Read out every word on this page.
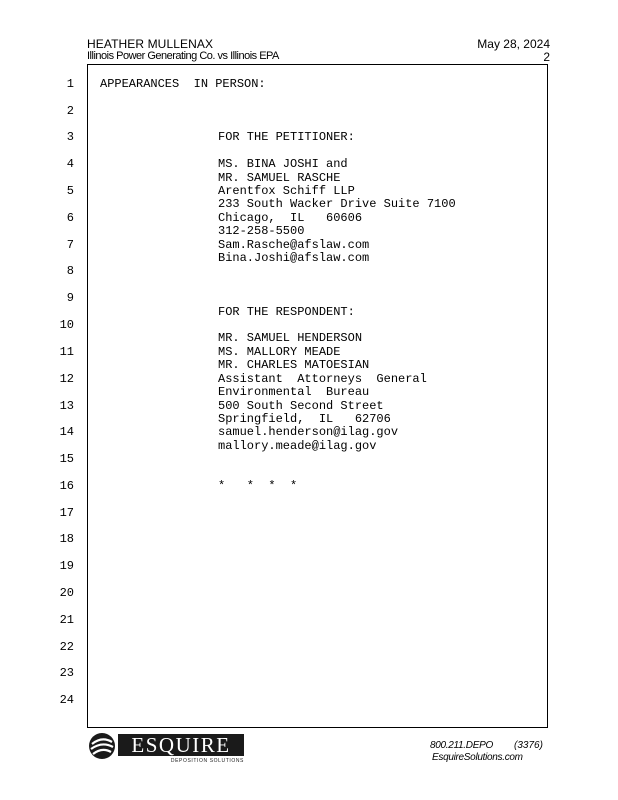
HEATHER MULLENAX
Illinois Power Generating Co. vs Illinois EPA
May 28, 2024
2
1
2
3
4
5
6
7
8
9
10
11
12
13
14
15
16
17
18
19
20
21
22
23
24
APPEARANCES  IN PERSON:
FOR THE PETITIONER:
MS. BINA JOSHI and
MR. SAMUEL RASCHE
Arentfox Schiff LLP
233 South Wacker Drive Suite 7100
Chicago,  IL   60606
312-258-5500
Sam.Rasche@afslaw.com
Bina.Joshi@afslaw.com
FOR THE RESPONDENT:
MR. SAMUEL HENDERSON
MS. MALLORY MEADE
MR. CHARLES MATOESIAN
Assistant  Attorneys  General
Environmental  Bureau
500 South Second Street
Springfield,  IL   62706
samuel.henderson@ilag.gov
mallory.meade@ilag.gov
*   *  *  *
ESQUIRE
DEPOSITION SOLUTIONS
800.211.DEPO (3376)
EsquireSolutions.com
